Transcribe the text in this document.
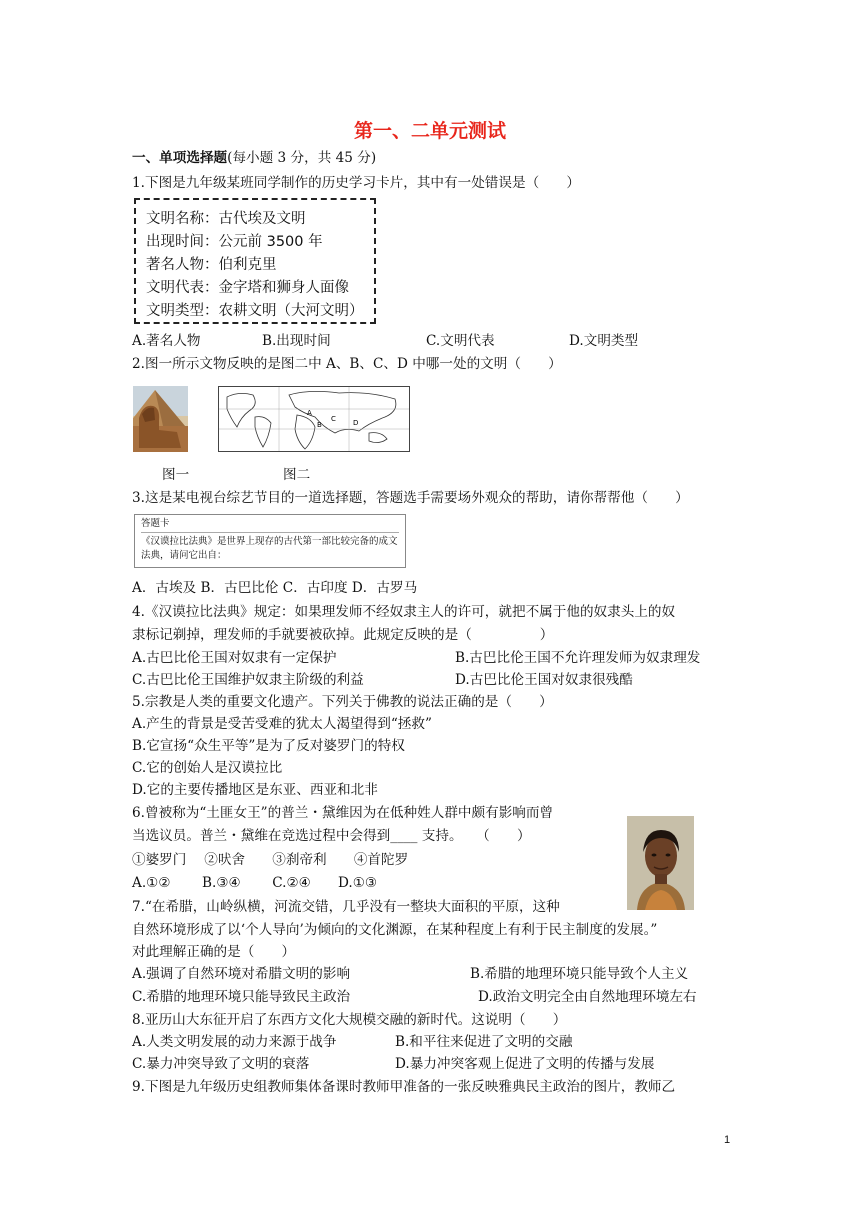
第一、二单元测试
一、单项选择题(每小题 3 分，共 45 分)
1.下图是九年级某班同学制作的历史学习卡片，其中有一处错误是（　　）
文明名称：古代埃及文明
出现时间：公元前 3500 年
著名人物：伯利克里
文明代表：金字塔和狮身人面像
文明类型：农耕文明（大河文明）
A.著名人物	B.出现时间	C.文明代表	D.文明类型
2.图一所示文物反映的是图二中 A、B、C、D 中哪一处的文明（　　）
A
B
C D
图一	图二
3.这是某电视台综艺节目的一道选择题，答题选手需要场外观众的帮助，请你帮帮他（　　）
答题卡
《汉谟拉比法典》是世界上现存的古代第一部比较完备的成文
法典，请问它出自：
A．古埃及 B．古巴比伦 C．古印度 D．古罗马
4.《汉谟拉比法典》规定：如果理发师不经奴隶主人的许可，就把不属于他的奴隶头上的奴
隶标记剃掉，理发师的手就要被砍掉。此规定反映的是（　　　　　）
A.古巴比伦王国对奴隶有一定保护	B.古巴比伦王国不允许理发师为奴隶理发
C.古巴比伦王国维护奴隶主阶级的利益	D.古巴比伦王国对奴隶很残酷
5.宗教是人类的重要文化遗产。下列关于佛教的说法正确的是（　　）
A.产生的背景是受苦受难的犹太人渴望得到“拯救”
B.它宣扬“众生平等”是为了反对婆罗门的特权
C.它的创始人是汉谟拉比
D.它的主要传播地区是东亚、西亚和北非
6.曾被称为“土匪女王”的普兰・黛维因为在低种姓人群中颇有影响而曾
当选议员。普兰・黛维在竞选过程中会得到____ 支持。　　（　　）
①婆罗门　 ②吠舍　　③刹帝利　　④首陀罗
A.①②　　 B.③④　　 C.②④　　D.①③
7.“在希腊，山岭纵横，河流交错，几乎没有一整块大面积的平原，这种
自然环境形成了以‘个人导向’为倾向的文化渊源，在某种程度上有利于民主制度的发展。”
对此理解正确的是（　　）
A.强调了自然环境对希腊文明的影响	B.希腊的地理环境只能导致个人主义
C.希腊的地理环境只能导致民主政治	D.政治文明完全由自然地理环境左右
8.亚历山大东征开启了东西方文化大规模交融的新时代。这说明（　　）
A.人类文明发展的动力来源于战争	B.和平往来促进了文明的交融
C.暴力冲突导致了文明的衰落	D.暴力冲突客观上促进了文明的传播与发展
9.下图是九年级历史组教师集体备课时教师甲准备的一张反映雅典民主政治的图片，教师乙
1
